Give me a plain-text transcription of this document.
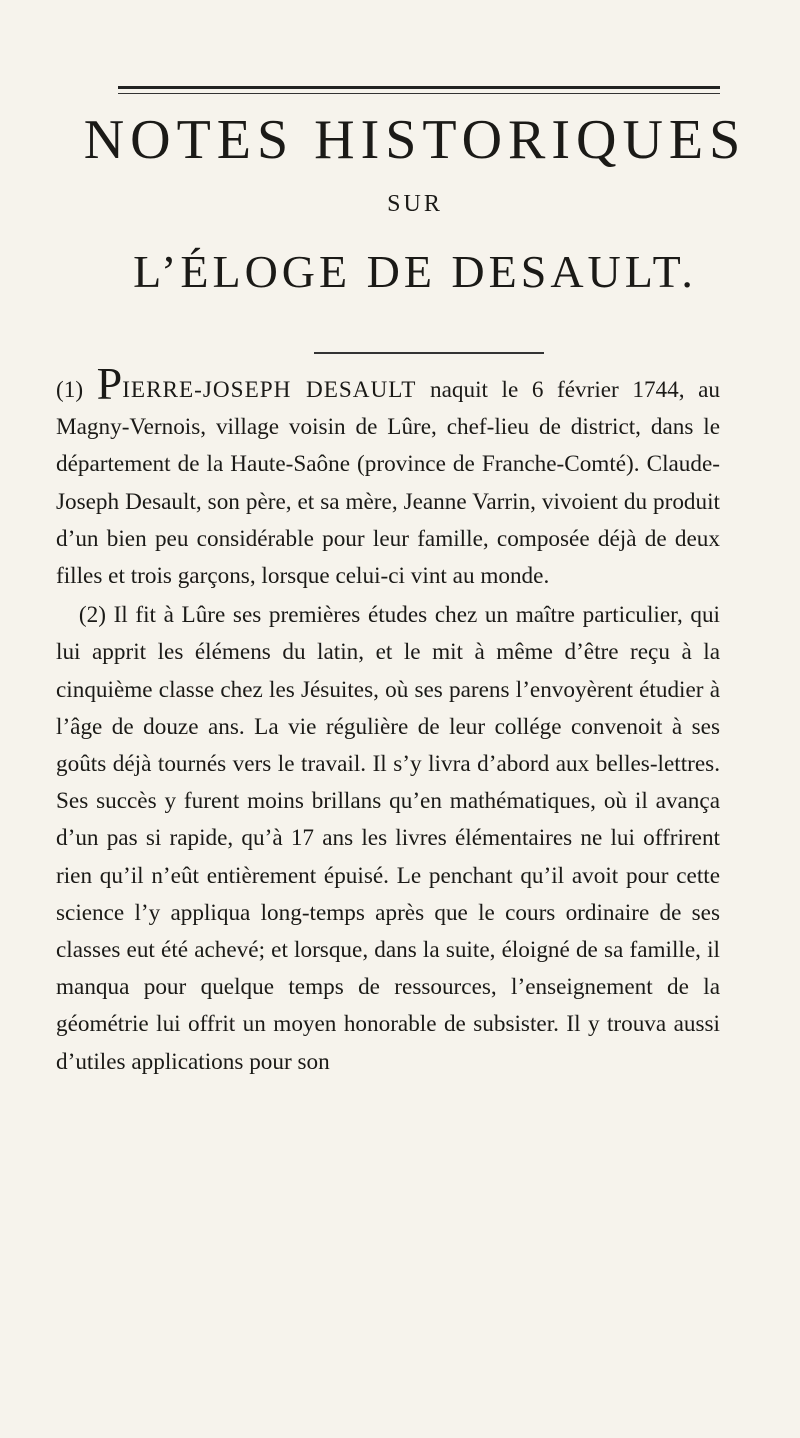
NOTES HISTORIQUES
SUR
L’ÉLOGE DE DESAULT.

(1) PIERRE-JOSEPH DESAULT naquit le 6 février 1744, au Magny-Vernois, village voisin de Lûre, chef-lieu de district, dans le département de la Haute-Saône (province de Franche-Comté). Claude-Joseph Desault, son père, et sa mère, Jeanne Varrin, vivoient du produit d’un bien peu considérable pour leur famille, composée déjà de deux filles et trois garçons, lorsque celui-ci vint au monde.

(2) Il fit à Lûre ses premières études chez un maître particulier, qui lui apprit les élémens du latin, et le mit à même d’être reçu à la cinquième classe chez les Jésuites, où ses parens l’envoyèrent étudier à l’âge de douze ans. La vie régulière de leur collége convenoit à ses goûts déjà tournés vers le travail. Il s’y livra d’abord aux belles-lettres. Ses succès y furent moins brillans qu’en mathématiques, où il avança d’un pas si rapide, qu’à 17 ans les livres élémentaires ne lui offrirent rien qu’il n’eût entièrement épuisé. Le penchant qu’il avoit pour cette science l’y appliqua long-temps après que le cours ordinaire de ses classes eut été achevé; et lorsque, dans la suite, éloigné de sa famille, il manqua pour quelque temps de ressources, l’enseignement de la géométrie lui offrit un moyen honorable de subsister. Il y trouva aussi d’utiles applications pour son
